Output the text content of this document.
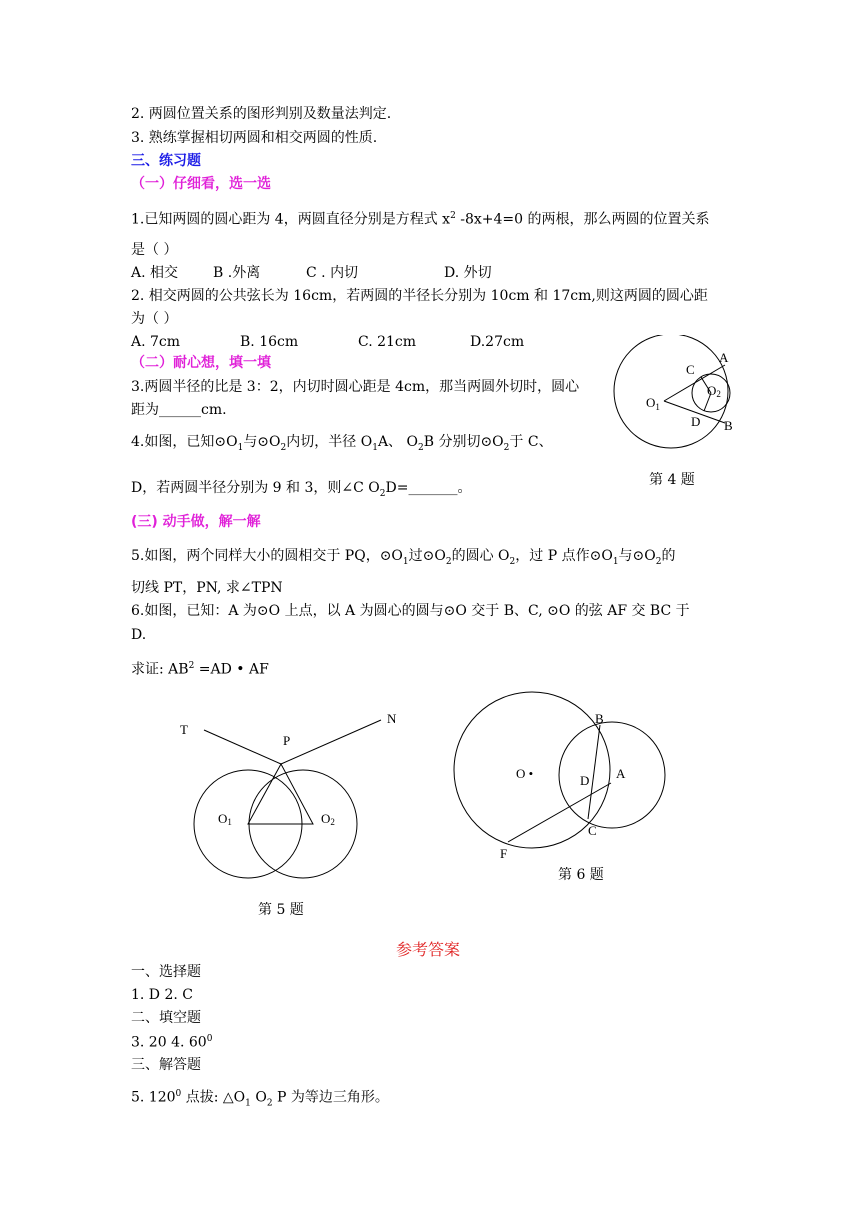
2. 两圆位置关系的图形判别及数量法判定.
3. 熟练掌握相切两圆和相交两圆的性质.
三、练习题
（一）仔细看，选一选
1.已知两圆的圆心距为 4，两圆直径分别是方程式 $x^2$ -8x+4=0 的两根，那么两圆的位置关系
是（ ）
A. 相交 B .外离	C . 内切	D. 外切
2. 相交两圆的公共弦长为 16cm，若两圆的半径长分别为 10cm 和 17cm,则这两圆的圆心距
为（ ）
A. 7cm	B. 16cm	C. 21cm	D.27cm
（二）耐心想，填一填
3.两圆半径的比是 3：2，内切时圆心距是 4cm，那当两圆外切时，圆心
距为______cm.
4.如图，已知$⊙O_1$与$⊙O_2$内切，半径 $O_1A$、 $O_2B$ 分别切$⊙O_2$于 C、
D，若两圆半径分别为 9 和 3，则∠C $O_2D=\_\_\_\_\_\_\_$。
A
C
O2
$O_1$
D B
第 4 题
(三) 动手做，解一解
5.如图，两个同样大小的圆相交于 PQ，$⊙O_1$过$⊙O_2$的圆心 $O_2$，过 P 点作$⊙O_1$与$⊙O_2$的
切线 PT，PN, 求∠TPN
6.如图，已知：A 为⊙O 上点，以 A 为圆心的圆与⊙O 交于 B、C, ⊙O 的弦 AF 交 BC 于
D.
求证: $AB^2 =AD$ • AF
T
P
N
O1	O2
第 5 题
O •
B
D A
C
F
第 6 题
参考答案
一、选择题
1. D 2. C
二、填空题
3. 20 4. $60^0$
三、解答题
5. $120^0$ 点拔: $\triangle O_1$ $O_2$ P 为等边三角形。
